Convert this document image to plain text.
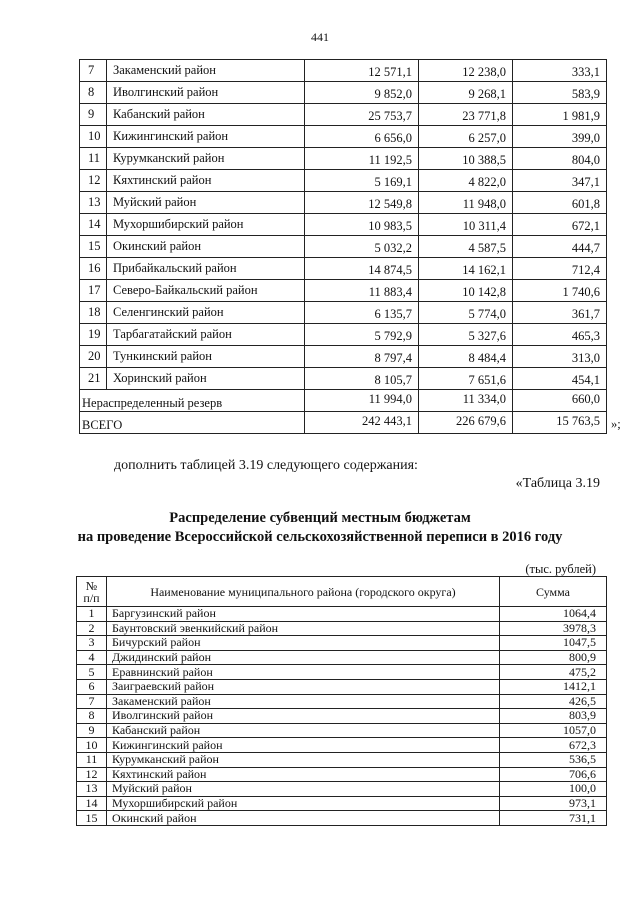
441
7	Закаменский район	12 571,1	12 238,0	333,1
8	Иволгинский район	9 852,0	9 268,1	583,9
9	Кабанский район	25 753,7	23 771,8	1 981,9
10	Кижингинский район	6 656,0	6 257,0	399,0
11	Курумканский район	11 192,5	10 388,5	804,0
12	Кяхтинский район	5 169,1	4 822,0	347,1
13	Муйский район	12 549,8	11 948,0	601,8
14	Мухоршибирский район	10 983,5	10 311,4	672,1
15	Окинский район	5 032,2	4 587,5	444,7
16	Прибайкальский район	14 874,5	14 162,1	712,4
17	Северо-Байкальский район	11 883,4	10 142,8	1 740,6
18	Селенгинский район	6 135,7	5 774,0	361,7
19	Тарбагатайский район	5 792,9	5 327,6	465,3
20	Тункинский район	8 797,4	8 484,4	313,0
21	Хоринский район	8 105,7	7 651,6	454,1
Нераспределенный резерв		11 994,0	11 334,0	660,0
ВСЕГО		242 443,1	226 679,6	15 763,5 »;
дополнить таблицей 3.19 следующего содержания:
«Таблица 3.19
Распределение субвенций местным бюджетам
на проведение Всероссийской сельскохозяйственной переписи в 2016 году
(тыс. рублей)
№
п/п	Наименование муниципального района (городского округа)	Сумма
1	Баргузинский район	1064,4
2	Баунтовский эвенкийский район	3978,3
3	Бичурский район	1047,5
4	Джидинский район	800,9
5	Еравнинский район	475,2
6	Заиграевский район	1412,1
7	Закаменский район	426,5
8	Иволгинский район	803,9
9	Кабанский район	1057,0
10	Кижингинский район	672,3
11	Курумканский район	536,5
12	Кяхтинский район	706,6
13	Муйский район	100,0
14	Мухоршибирский район	973,1
15	Окинский район	731,1
